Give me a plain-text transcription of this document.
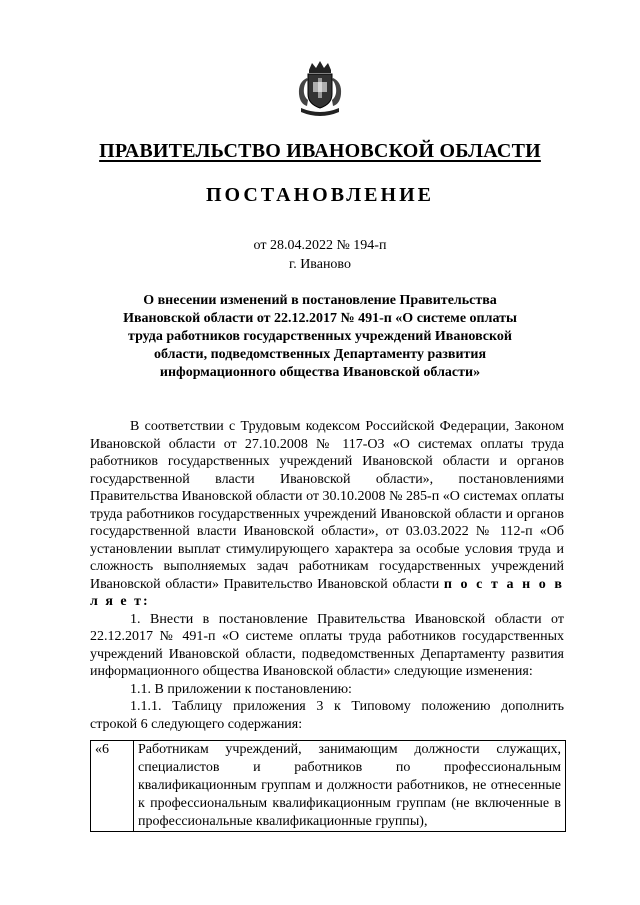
ПРАВИТЕЛЬСТВО ИВАНОВСКОЙ ОБЛАСТИ
ПОСТАНОВЛЕНИЕ
от 28.04.2022 № 194-п
г. Иваново

О внесении изменений в постановление Правительства Ивановской области от 22.12.2017 № 491-п «О системе оплаты труда работников государственных учреждений Ивановской области, подведомственных Департаменту развития информационного общества Ивановской области»

В соответствии с Трудовым кодексом Российской Федерации, Законом Ивановской области от 27.10.2008 № 117-ОЗ «О системах оплаты труда работников государственных учреждений Ивановской области и органов государственной власти Ивановской области», постановлениями Правительства Ивановской области от 30.10.2008 № 285-п «О системах оплаты труда работников государственных учреждений Ивановской области и органов государственной власти Ивановской области», от 03.03.2022 № 112-п «Об установлении выплат стимулирующего характера за особые условия труда и сложность выполняемых задач работникам государственных учреждений Ивановской области» Правительство Ивановской области п о с т а н о в л я е т:

1. Внести в постановление Правительства Ивановской области от 22.12.2017 № 491-п «О системе оплаты труда работников государственных учреждений Ивановской области, подведомственных Департаменту развития информационного общества Ивановской области» следующие изменения:

1.1. В приложении к постановлению:

1.1.1. Таблицу приложения 3 к Типовому положению дополнить строкой 6 следующего содержания:

«6	Работникам учреждений, занимающим должности служащих, специалистов и работников по профессиональным квалификационным группам и должности работников, не отнесенные к профессиональным квалификационным группам (не включенные в профессиональные квалификационные группы),
